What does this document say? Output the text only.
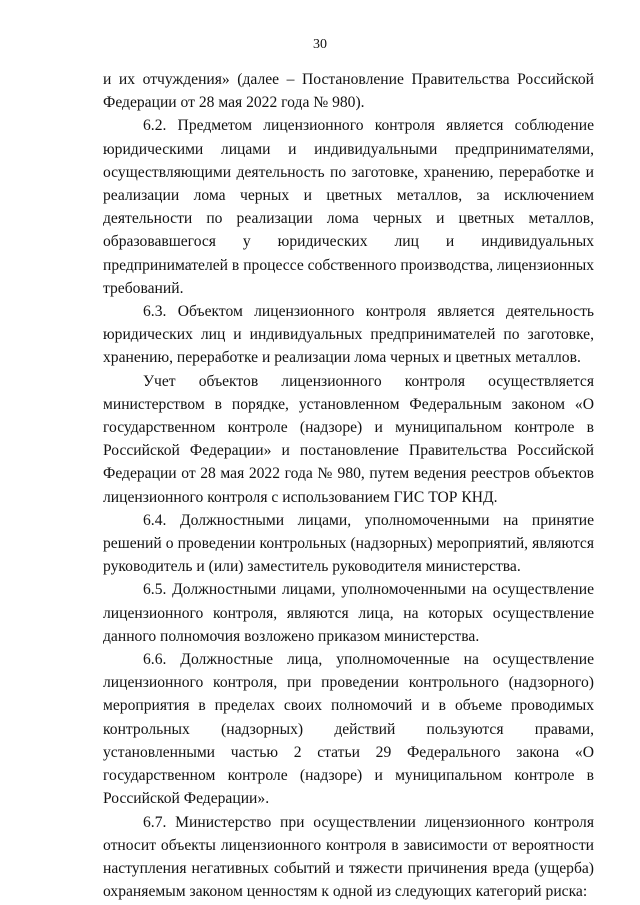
30

и их отчуждения» (далее – Постановление Правительства Российской Федерации от 28 мая 2022 года № 980).

6.2. Предметом лицензионного контроля является соблюдение юридическими лицами и индивидуальными предпринимателями, осуществляющими деятельность по заготовке, хранению, переработке и реализации лома черных и цветных металлов, за исключением деятельности по реализации лома черных и цветных металлов, образовавшегося у юридических лиц и индивидуальных предпринимателей в процессе собственного производства, лицензионных требований.

6.3. Объектом лицензионного контроля является деятельность юридических лиц и индивидуальных предпринимателей по заготовке, хранению, переработке и реализации лома черных и цветных металлов.

Учет объектов лицензионного контроля осуществляется министерством в порядке, установленном Федеральным законом «О государственном контроле (надзоре) и муниципальном контроле в Российской Федерации» и постановление Правительства Российской Федерации от 28 мая 2022 года № 980, путем ведения реестров объектов лицензионного контроля с использованием ГИС ТОР КНД.

6.4. Должностными лицами, уполномоченными на принятие решений о проведении контрольных (надзорных) мероприятий, являются руководитель и (или) заместитель руководителя министерства.

6.5. Должностными лицами, уполномоченными на осуществление лицензионного контроля, являются лица, на которых осуществление данного полномочия возложено приказом министерства.

6.6. Должностные лица, уполномоченные на осуществление лицензионного контроля, при проведении контрольного (надзорного) мероприятия в пределах своих полномочий и в объеме проводимых контрольных (надзорных) действий пользуются правами, установленными частью 2 статьи 29 Федерального закона «О государственном контроле (надзоре) и муниципальном контроле в Российской Федерации».

6.7. Министерство при осуществлении лицензионного контроля относит объекты лицензионного контроля в зависимости от вероятности наступления негативных событий и тяжести причинения вреда (ущерба) охраняемым законом ценностям к одной из следующих категорий риска:
